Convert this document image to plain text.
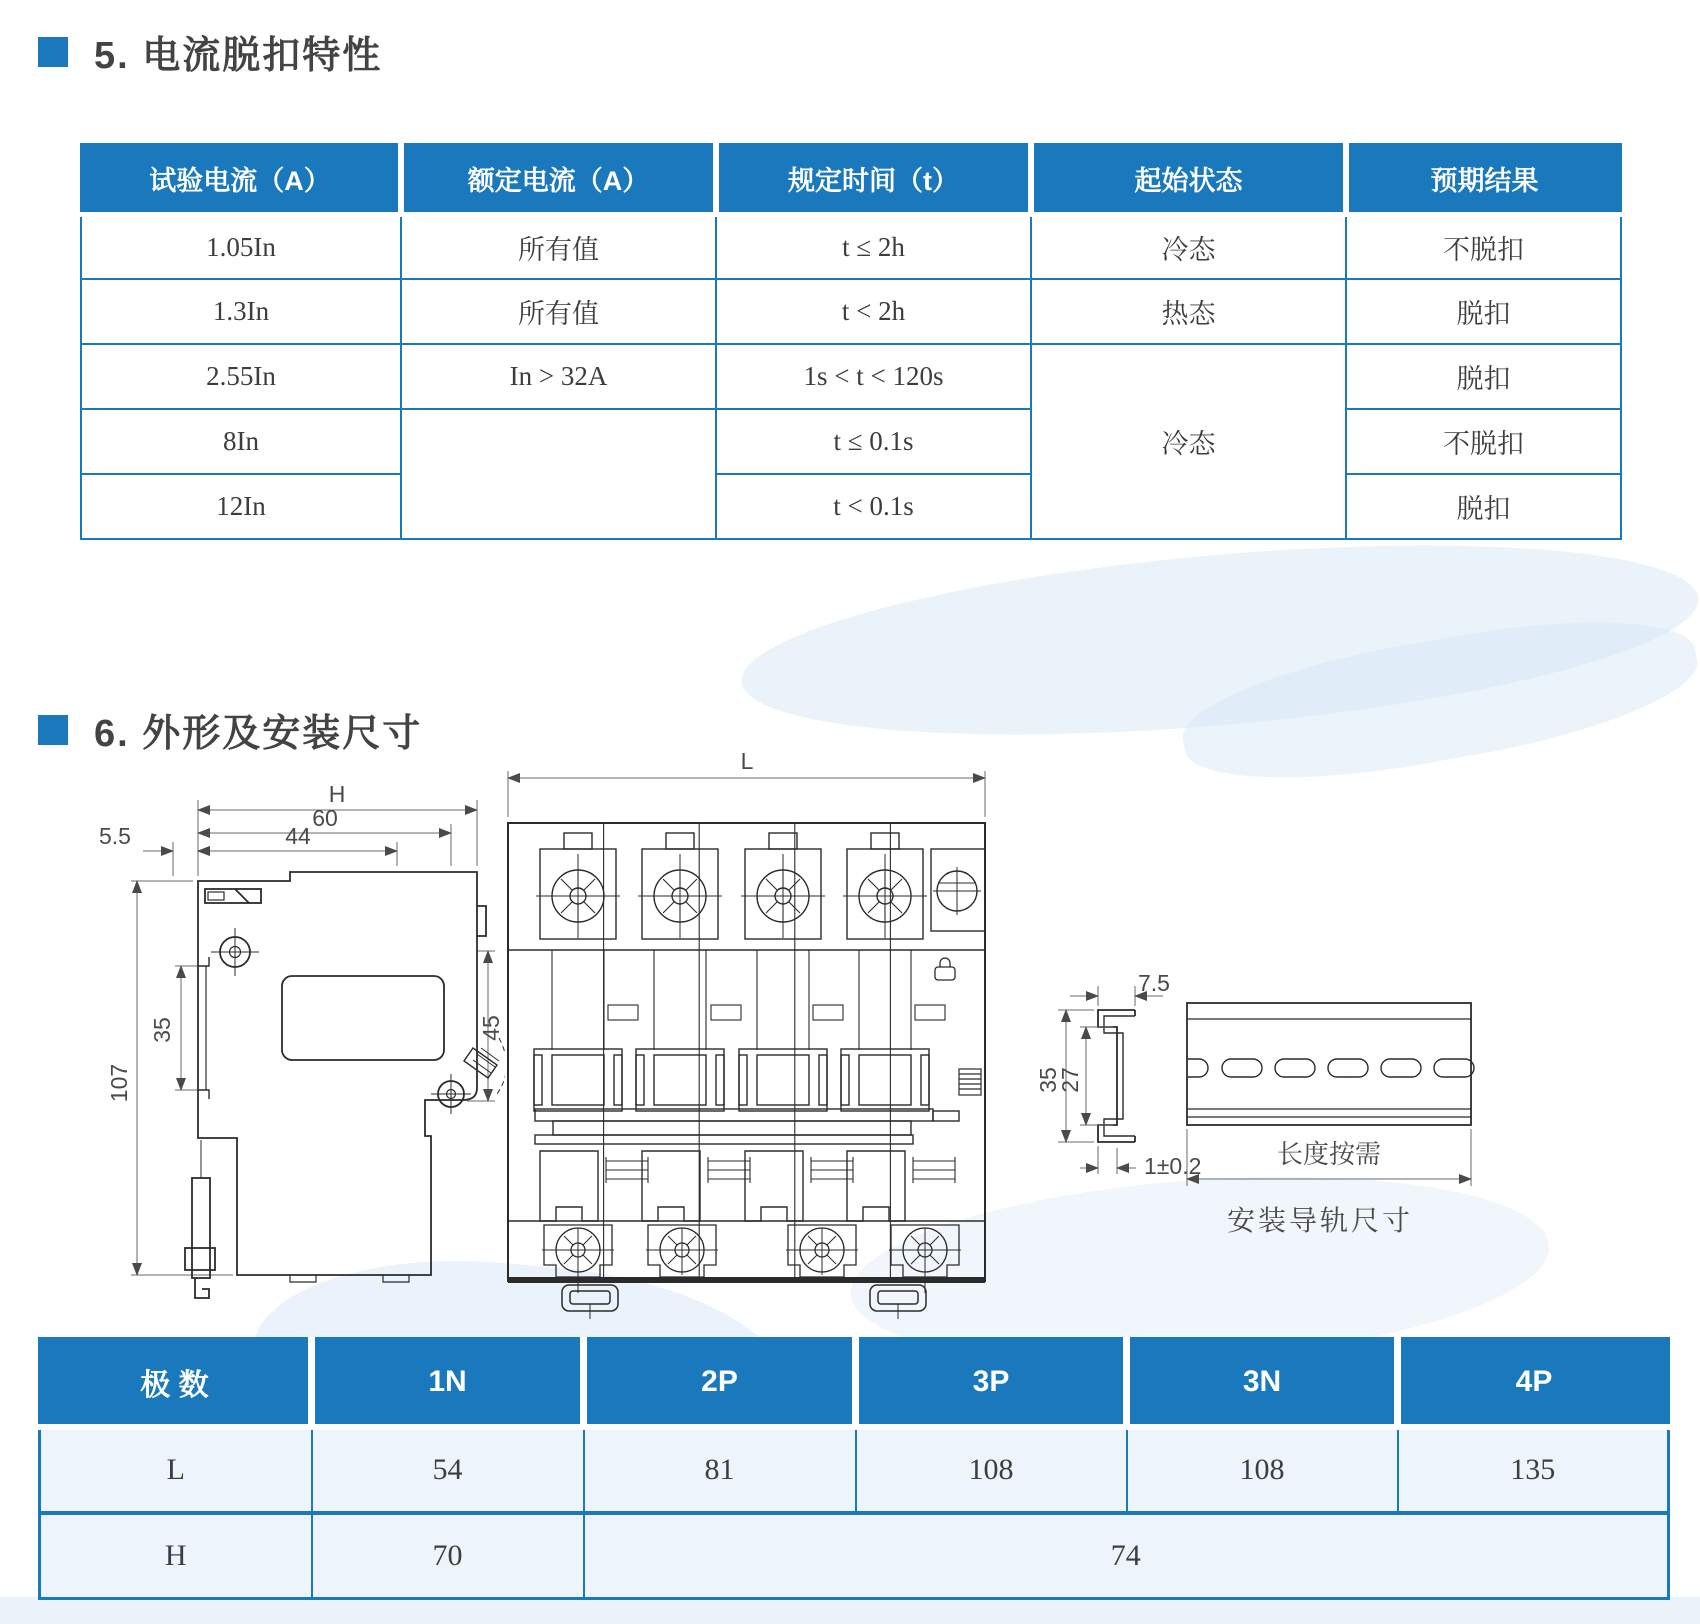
5. 电流脱扣特性
试验电流（A）	额定电流（A）	规定时间（t）	起始状态	预期结果
1.05In	所有值	t ≤ 2h	冷态	不脱扣
1.3In	所有值	t < 2h	热态	脱扣
2.55In	In > 32A	1s < t < 120s	冷态	脱扣
8In		t ≤ 0.1s		不脱扣
12In		t < 0.1s		脱扣
6. 外形及安装尺寸
H
60
44
5.5
107
35	45
L
7.5
35
27
1±0.2	长度按需
安装导轨尺寸
极 数	1N	2P	3P	3N	4P
L	54	81	108	108	135
H	70	74			
